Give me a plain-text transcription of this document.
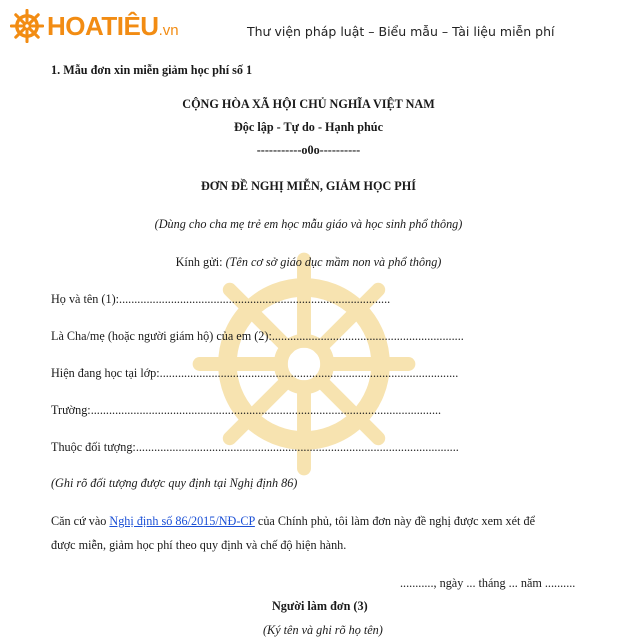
HOATIÊU .vn	Thư viện pháp luật – Biểu mẫu – Tài liệu miễn phí
1. Mẫu đơn xin miễn giảm học phí số 1
CỘNG HÒA XÃ HỘI CHỦ NGHĨA VIỆT NAM
Độc lập - Tự do - Hạnh phúc
-----------o0o----------
ĐƠN ĐỀ NGHỊ MIỄN, GIẢM HỌC PHÍ
(Dùng cho cha mẹ trẻ em học mẫu giáo và học sinh phổ thông)
Kính gửi: (Tên cơ sở giáo dục mầm non và phổ thông)
Họ và tên (1):.........................................................................................
Là Cha/mẹ (hoặc người giám hộ) của em (2):...............................................................
Hiện đang học tại lớp:..................................................................................................
Trường:...................................................................................................................
Thuộc đối tượng:..........................................................................................................
(Ghi rõ đối tượng được quy định tại Nghị định 86)
Căn cứ vào Nghị định số 86/2015/NĐ-CP của Chính phủ, tôi làm đơn này đề nghị được xem xét để
được miễn, giảm học phí theo quy định và chế độ hiện hành.
..........., ngày ... tháng ... năm ..........
Người làm đơn (3)
(Ký tên và ghi rõ họ tên)
